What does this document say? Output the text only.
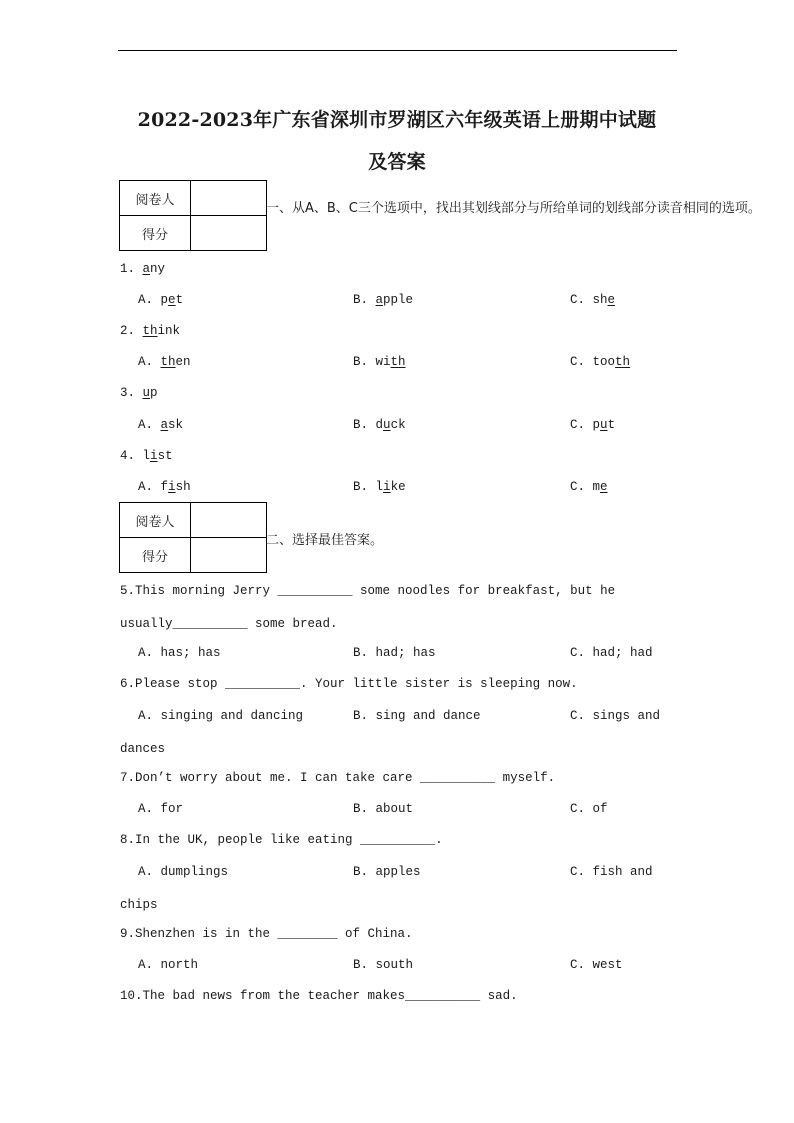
2022-2023年广东省深圳市罗湖区六年级英语上册期中试题
及答案
阅卷人	
得分	
一、从A、B、C三个选项中，找出其划线部分与所给单词的划线部分读音相同的选项。
1. any
A. pet	B. apple	C. she
2. think
A. then	B. with	C. tooth
3. up
A. ask	B. duck	C. put
4. list
A. fish	B. like	C. me
阅卷人	
得分	
二、选择最佳答案。
5.This morning Jerry __________ some noodles for breakfast, but he
usually__________ some bread.
A. has; has	B. had; has	C. had; had
6.Please stop __________. Your little sister is sleeping now.
A. singing and dancing	B. sing and dance	C. sings and
dances
7.Don’t worry about me. I can take care __________ myself.
A. for	B. about	C. of
8.In the UK, people like eating __________.
A. dumplings	B. apples	C. fish and
chips
9.Shenzhen is in the ________ of China.
A. north	B. south	C. west
10.The bad news from the teacher makes__________ sad.
